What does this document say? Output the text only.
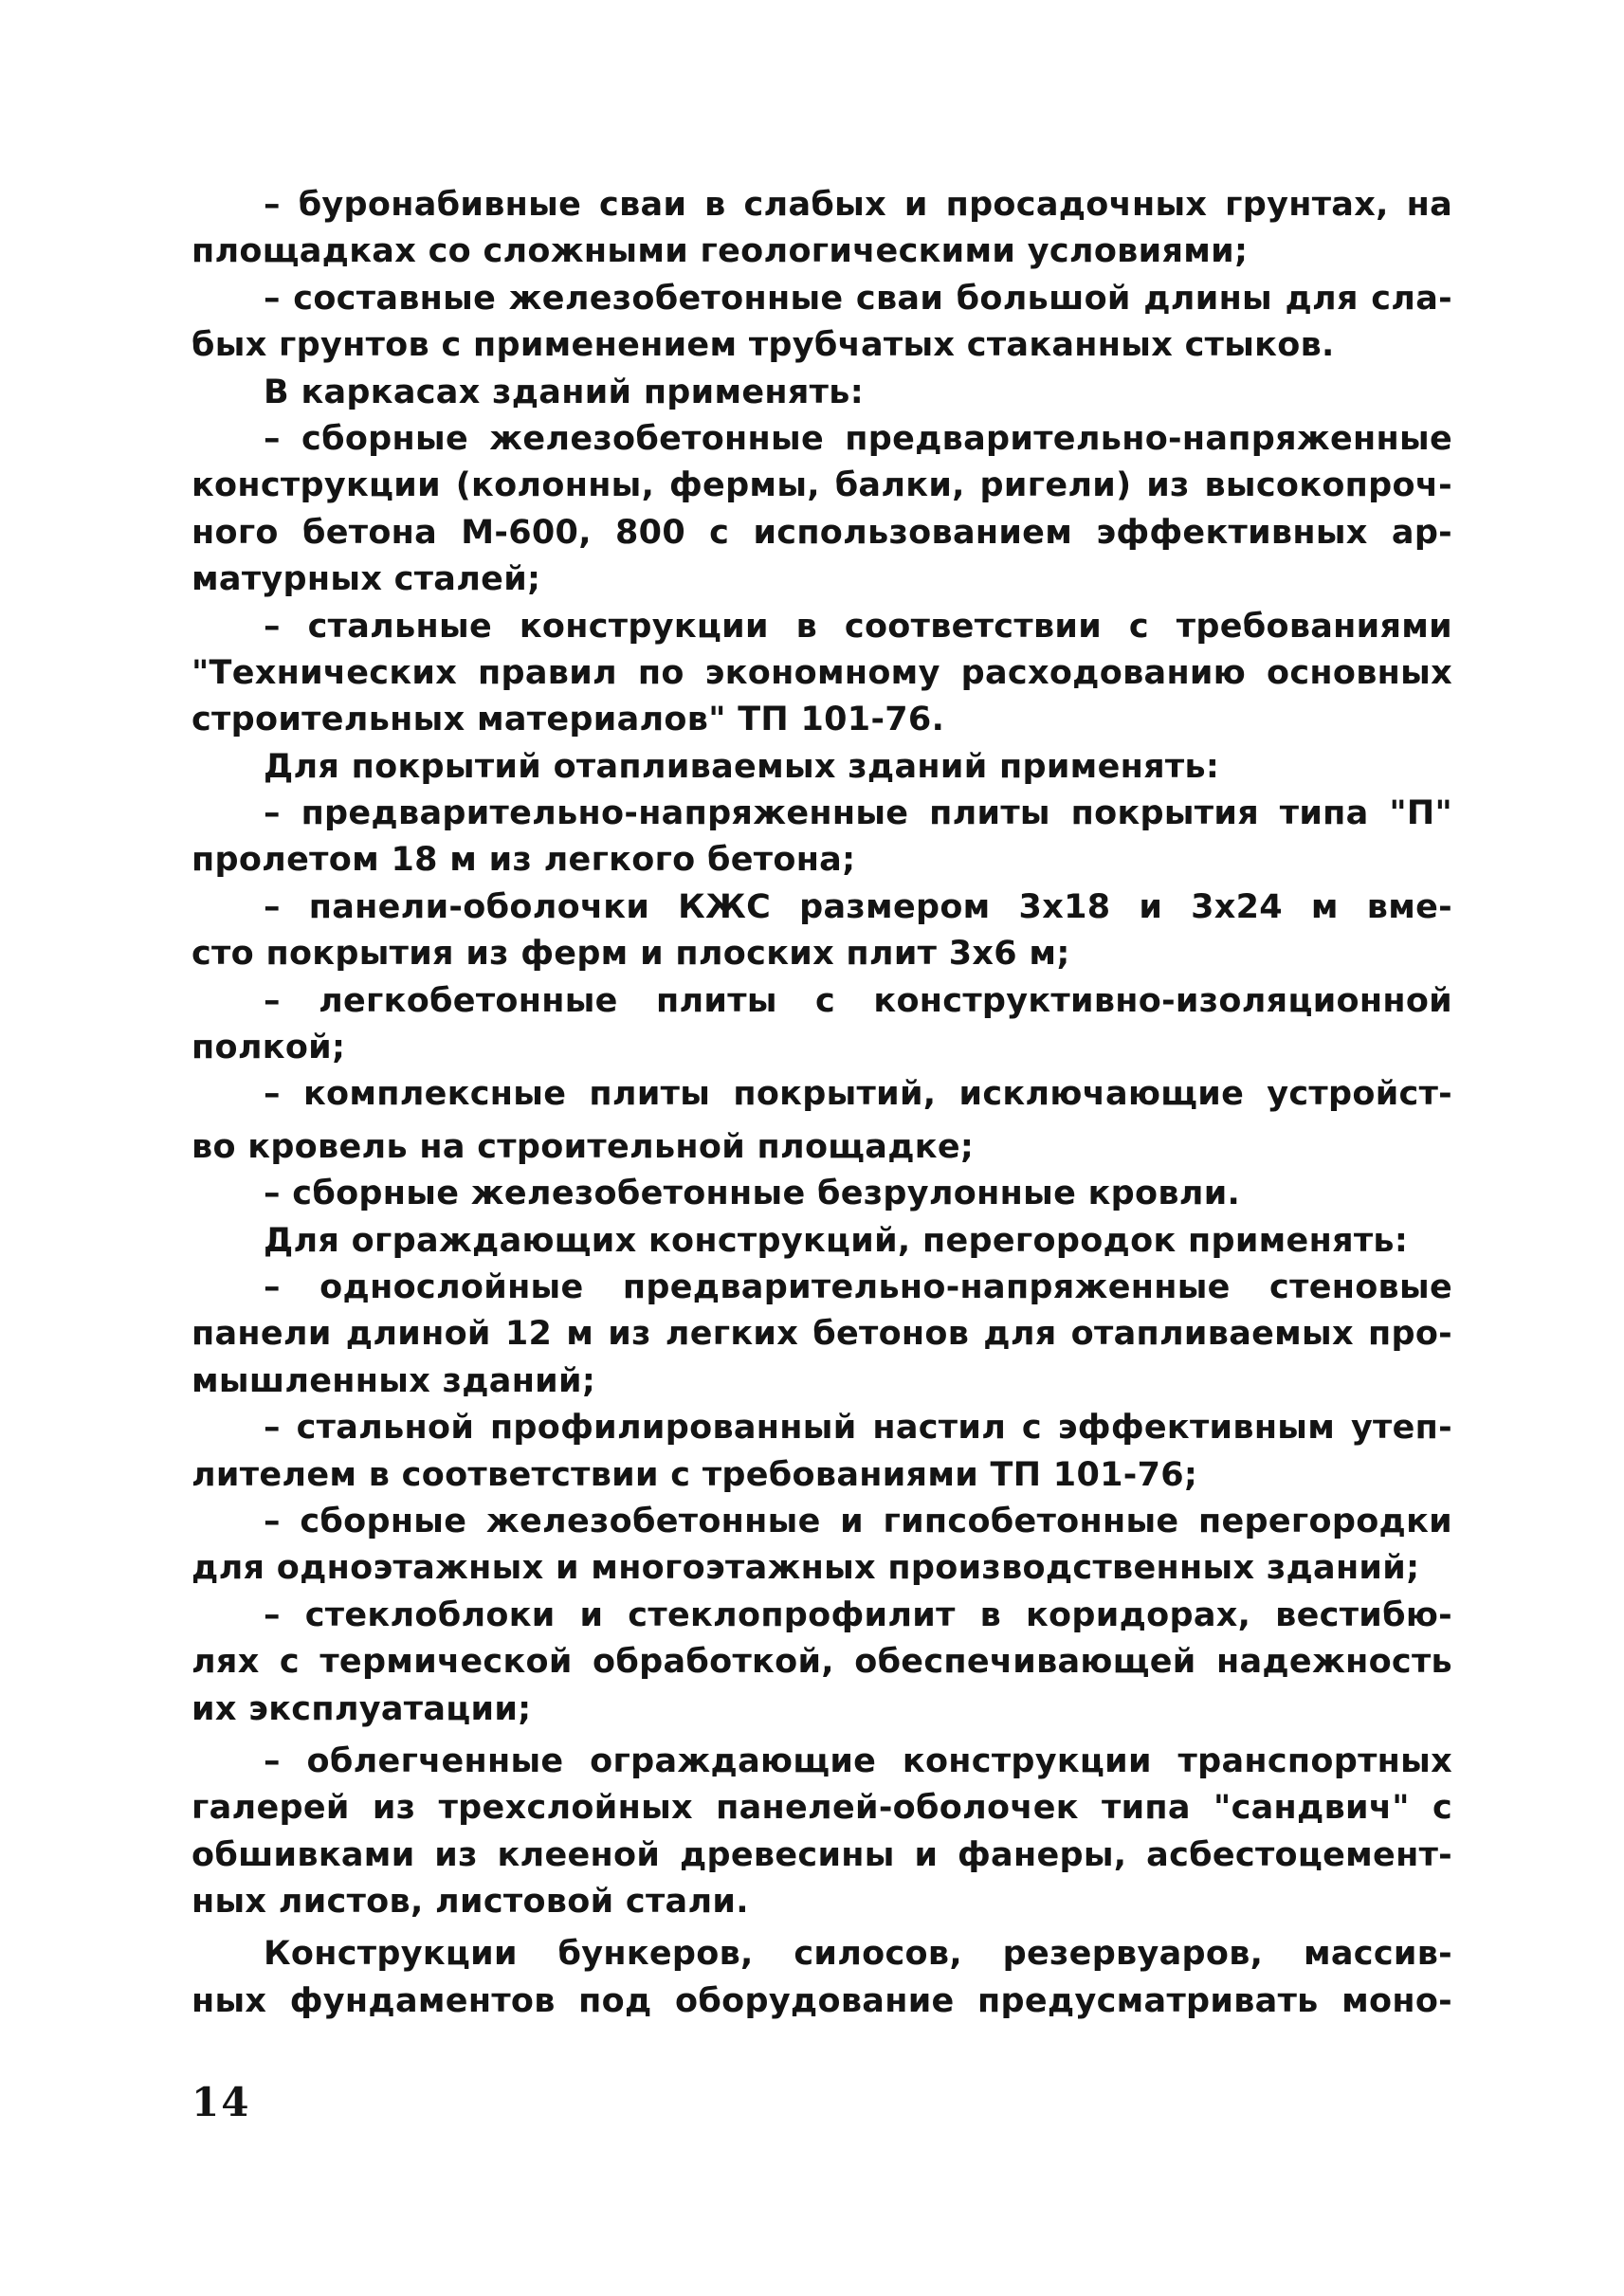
– буронабивные сваи в слабых и просадочных грунтах, на
площадках со сложными геологическими условиями;
– составные железобетонные сваи большой длины для сла-
бых грунтов с применением трубчатых стаканных стыков.
В каркасах зданий применять:
– сборные железобетонные предварительно-напряженные
конструкции (колонны, фермы, балки, ригели) из высокопроч-
ного бетона М-600, 800 с использованием эффективных ар-
матурных сталей;
– стальные конструкции в соответствии с требованиями
"Технических правил по экономному расходованию основных
строительных материалов" ТП 101-76.
Для покрытий отапливаемых зданий применять:
– предварительно-напряженные плиты покрытия типа "П"
пролетом 18 м из легкого бетона;
– панели-оболочки КЖС размером 3х18 и 3х24 м вме-
сто покрытия из ферм и плоских плит 3х6 м;
– легкобетонные плиты с конструктивно-изоляционной
полкой;
– комплексные плиты покрытий, исключающие устройст-
во кровель на строительной площадке;
– сборные железобетонные безрулонные кровли.
Для ограждающих конструкций, перегородок применять:
– однослойные предварительно-напряженные стеновые
панели длиной 12 м из легких бетонов для отапливаемых про-
мышленных зданий;
– стальной профилированный настил с эффективным утеп-
лителем в соответствии с требованиями ТП 101-76;
– сборные железобетонные и гипсобетонные перегородки
для одноэтажных и многоэтажных производственных зданий;
– стеклоблоки и стеклопрофилит в коридорах, вестибю-
лях с термической обработкой, обеспечивающей надежность
их эксплуатации;
– облегченные ограждающие конструкции транспортных
галерей из трехслойных панелей-оболочек типа "сандвич" с
обшивками из клееной древесины и фанеры, асбестоцемент-
ных листов, листовой стали.
Конструкции бункеров, силосов, резервуаров, массив-
ных фундаментов под оборудование предусматривать моно-
14
